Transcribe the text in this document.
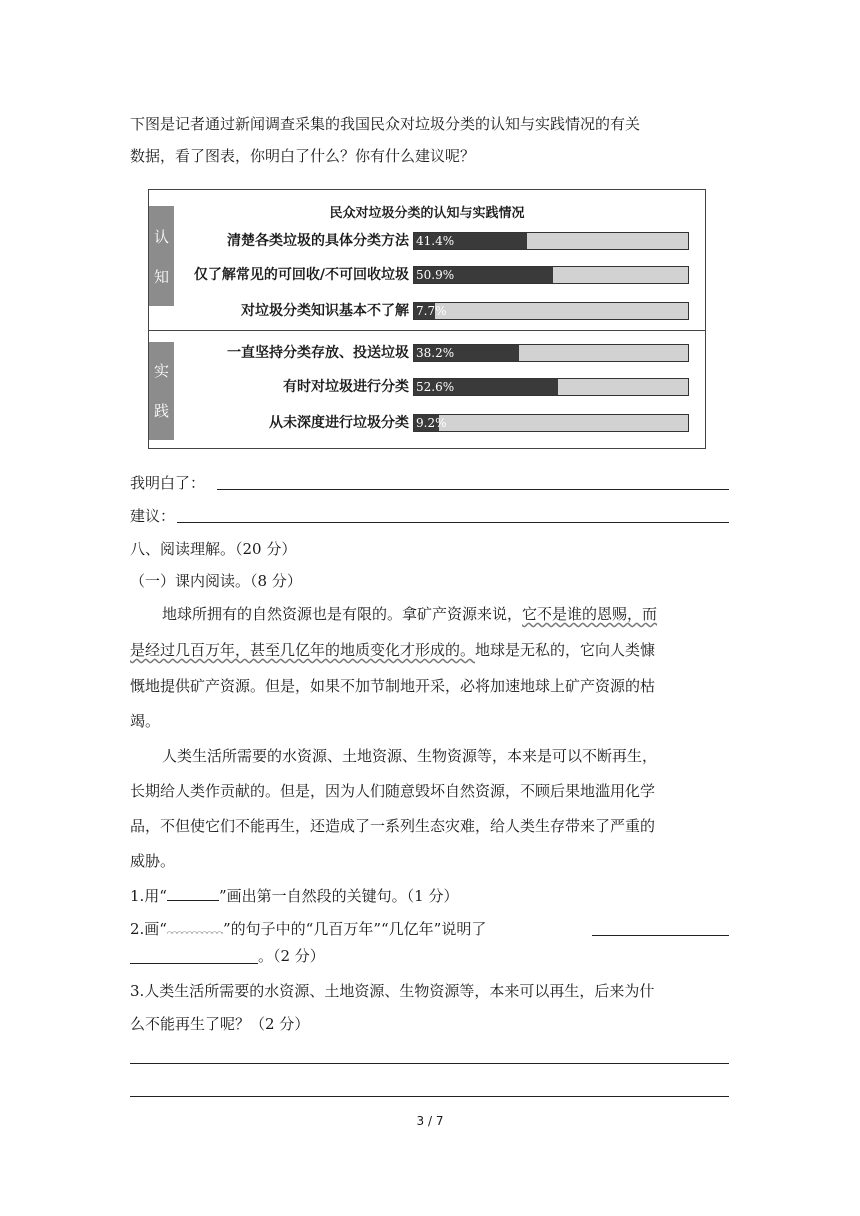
下图是记者通过新闻调查采集的我国民众对垃圾分类的认知与实践情况的有关
数据，看了图表，你明白了什么？你有什么建议呢？
民众对垃圾分类的认知与实践情况
认
知
实
践
清楚各类垃圾的具体分类方法 41.4%
仅了解常见的可回收/不可回收垃圾 50.9%
对垃圾分类知识基本不了解 7.7%
一直坚持分类存放、投送垃圾 38.2%
有时对垃圾进行分类 52.6%
从未深度进行垃圾分类 9.2%
我明白了：
建议：
八、阅读理解。（20 分）
（一）课内阅读。（8 分）
地球所拥有的自然资源也是有限的。拿矿产资源来说，它不是谁的恩赐，而
是经过几百万年，甚至几亿年的地质变化才形成的。地球是无私的，它向人类慷
慨地提供矿产资源。但是，如果不加节制地开采，必将加速地球上矿产资源的枯
竭。
人类生活所需要的水资源、土地资源、生物资源等，本来是可以不断再生，
长期给人类作贡献的。但是，因为人们随意毁坏自然资源，不顾后果地滥用化学
品，不但使它们不能再生，还造成了一系列生态灾难，给人类生存带来了严重的
威胁。
1.用“	”画出第一自然段的关键句。（1 分）
2.画“	”的句子中的“几百万年”“几亿年”说明了
。（2 分）
3.人类生活所需要的水资源、土地资源、生物资源等，本来可以再生，后来为什
么不能再生了呢？（2 分）
3 / 7
